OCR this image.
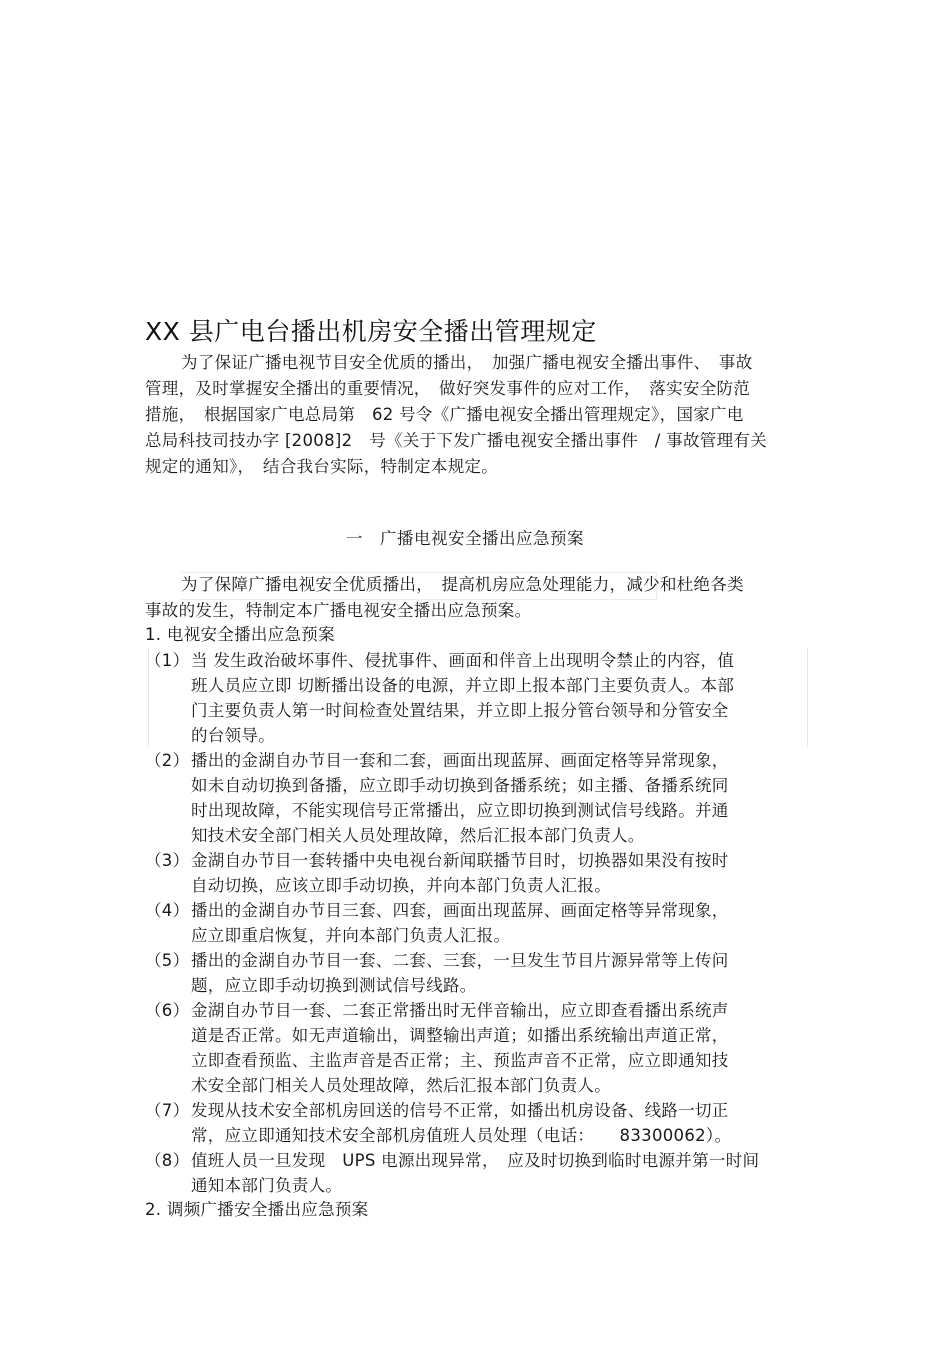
XX 县广电台播出机房安全播出管理规定
为了保证广播电视节目安全优质的播出，　加强广播电视安全播出事件、　事故
管理，及时掌握安全播出的重要情况，　做好突发事件的应对工作，　落实安全防范
措施，　根据国家广电总局第　62 号令《广播电视安全播出管理规定》，国家广电
总局科技司技办字 [2008]2　号《关于下发广播电视安全播出事件　/ 事故管理有关
规定的通知》，　结合我台实际，特制定本规定。
一　广播电视安全播出应急预案
为了保障广播电视安全优质播出，　提高机房应急处理能力，减少和杜绝各类
事故的发生，特制定本广播电视安全播出应急预案。
1. 电视安全播出应急预案
（1）当 发生政治破坏事件、侵扰事件、画面和伴音上出现明令禁止的内容，值
班人员应立即 切断播出设备的电源，并立即上报本部门主要负责人。本部
门主要负责人第一时间检查处置结果，并立即上报分管台领导和分管安全
的台领导。
（2）播出的金湖自办节目一套和二套，画面出现蓝屏、画面定格等异常现象，
如未自动切换到备播，应立即手动切换到备播系统；如主播、备播系统同
时出现故障，不能实现信号正常播出，应立即切换到测试信号线路。并通
知技术安全部门相关人员处理故障，然后汇报本部门负责人。
（3）金湖自办节目一套转播中央电视台新闻联播节目时，切换器如果没有按时
自动切换，应该立即手动切换，并向本部门负责人汇报。
（4）播出的金湖自办节目三套、四套，画面出现蓝屏、画面定格等异常现象，
应立即重启恢复，并向本部门负责人汇报。
（5）播出的金湖自办节目一套、二套、三套，一旦发生节目片源异常等上传问
题，应立即手动切换到测试信号线路。
（6）金湖自办节目一套、二套正常播出时无伴音输出，应立即查看播出系统声
道是否正常。如无声道输出，调整输出声道；如播出系统输出声道正常，
立即查看预监、主监声音是否正常；主、预监声音不正常，应立即通知技
术安全部门相关人员处理故障，然后汇报本部门负责人。
（7）发现从技术安全部机房回送的信号不正常，如播出机房设备、线路一切正
常，应立即通知技术安全部机房值班人员处理（电话：　　83300062）。
（8）值班人员一旦发现　UPS 电源出现异常，　应及时切换到临时电源并第一时间
通知本部门负责人。
2. 调频广播安全播出应急预案
